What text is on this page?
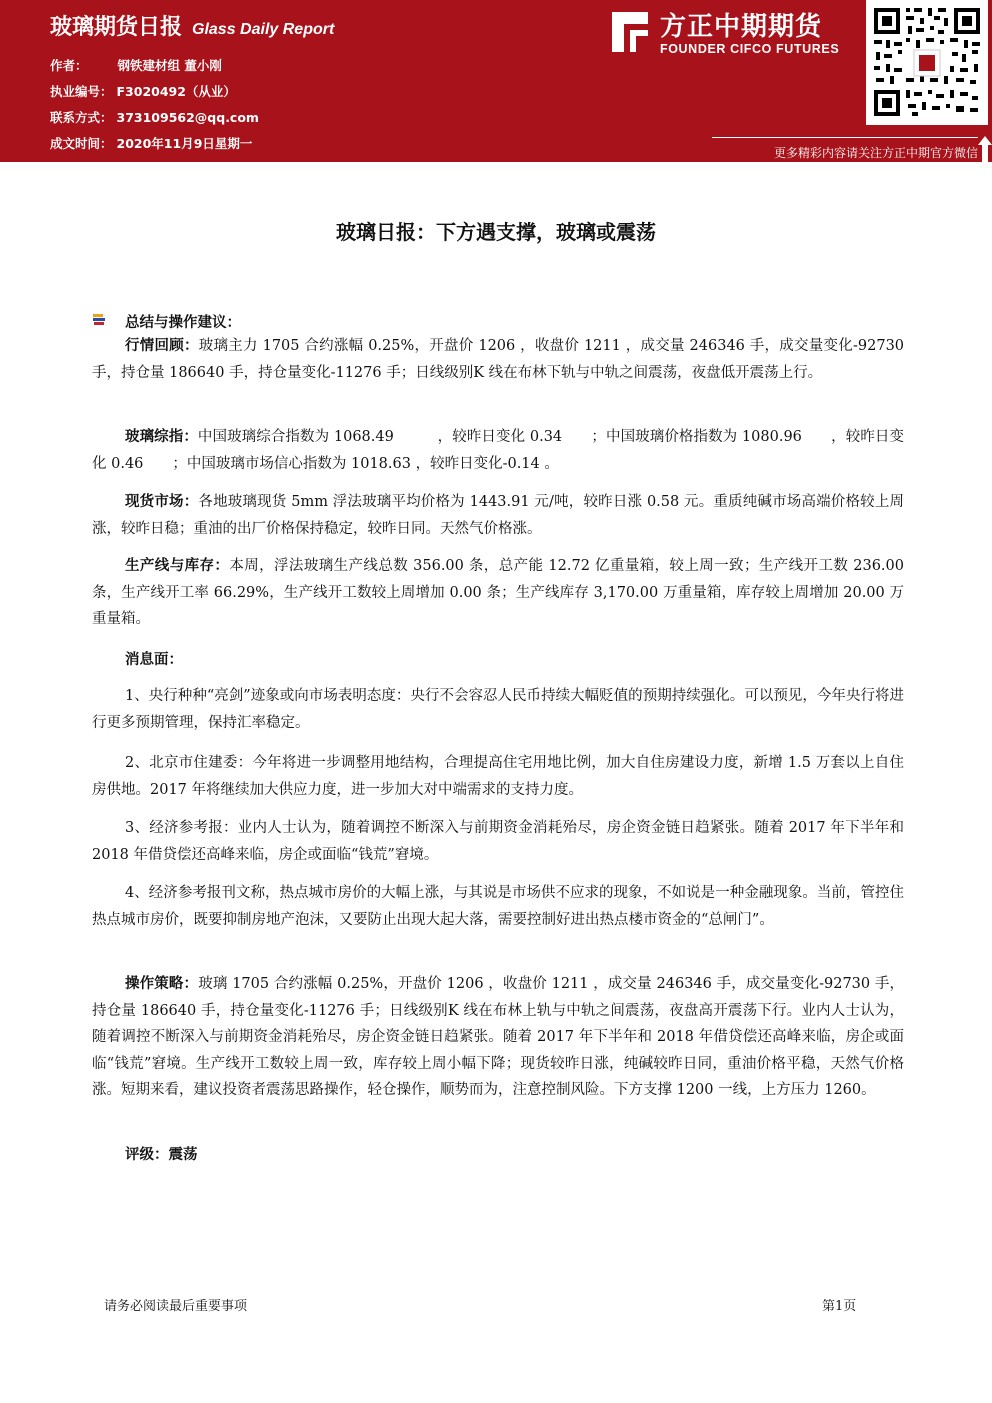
玻璃期货日报 Glass Daily Report
作者： 钢铁建材组 董小刚
执业编号： F3020492（从业）
联系方式： 373109562@qq.com
成文时间： 2020年11月9日星期一
方正中期期货
FOUNDER CIFCO FUTURES
更多精彩内容请关注方正中期官方微信
玻璃日报：下方遇支撑，玻璃或震荡
总结与操作建议：
行情回顾：玻璃主力 1705 合约涨幅 0.25%，开盘价 1206 ，收盘价 1211 ，成交量 246346 手，成交量变化-92730 手，持仓量 186640 手，持仓量变化-11276 手；日线级别K 线在布林下轨与中轨之间震荡，夜盘低开震荡上行。
玻璃综指：中国玻璃综合指数为 1068.49　　　，较昨日变化 0.34　　；中国玻璃价格指数为 1080.96　　，较昨日变化 0.46　　；中国玻璃市场信心指数为 1018.63 ，较昨日变化-0.14 。
现货市场：各地玻璃现货 5mm 浮法玻璃平均价格为 1443.91 元/吨，较昨日涨 0.58 元。重质纯碱市场高端价格较上周涨，较昨日稳；重油的出厂价格保持稳定，较昨日同。天然气价格涨。
生产线与库存：本周，浮法玻璃生产线总数 356.00 条，总产能 12.72 亿重量箱，较上周一致；生产线开工数 236.00 条，生产线开工率 66.29%，生产线开工数较上周增加 0.00 条；生产线库存 3,170.00 万重量箱，库存较上周增加 20.00 万重量箱。
消息面：
1、央行种种“亮剑”迹象或向市场表明态度：央行不会容忍人民币持续大幅贬值的预期持续强化。可以预见，今年央行将进行更多预期管理，保持汇率稳定。
2、北京市住建委：今年将进一步调整用地结构，合理提高住宅用地比例，加大自住房建设力度，新增 1.5 万套以上自住房供地。2017 年将继续加大供应力度，进一步加大对中端需求的支持力度。
3、经济参考报：业内人士认为，随着调控不断深入与前期资金消耗殆尽，房企资金链日趋紧张。随着 2017 年下半年和 2018 年借贷偿还高峰来临，房企或面临“钱荒”窘境。
4、经济参考报刊文称，热点城市房价的大幅上涨，与其说是市场供不应求的现象，不如说是一种金融现象。当前，管控住热点城市房价，既要抑制房地产泡沫，又要防止出现大起大落，需要控制好进出热点楼市资金的“总闸门”。
操作策略：玻璃 1705 合约涨幅 0.25%，开盘价 1206 ，收盘价 1211 ，成交量 246346 手，成交量变化-92730 手，持仓量 186640 手，持仓量变化-11276 手；日线级别K 线在布林上轨与中轨之间震荡，夜盘高开震荡下行。业内人士认为，随着调控不断深入与前期资金消耗殆尽，房企资金链日趋紧张。随着 2017 年下半年和 2018 年借贷偿还高峰来临，房企或面临“钱荒”窘境。生产线开工数较上周一致，库存较上周小幅下降；现货较昨日涨，纯碱较昨日同，重油价格平稳，天然气价格涨。短期来看，建议投资者震荡思路操作，轻仓操作，顺势而为，注意控制风险。下方支撑 1200 一线，上方压力 1260。
评级：震荡
请务必阅读最后重要事项	第1页
